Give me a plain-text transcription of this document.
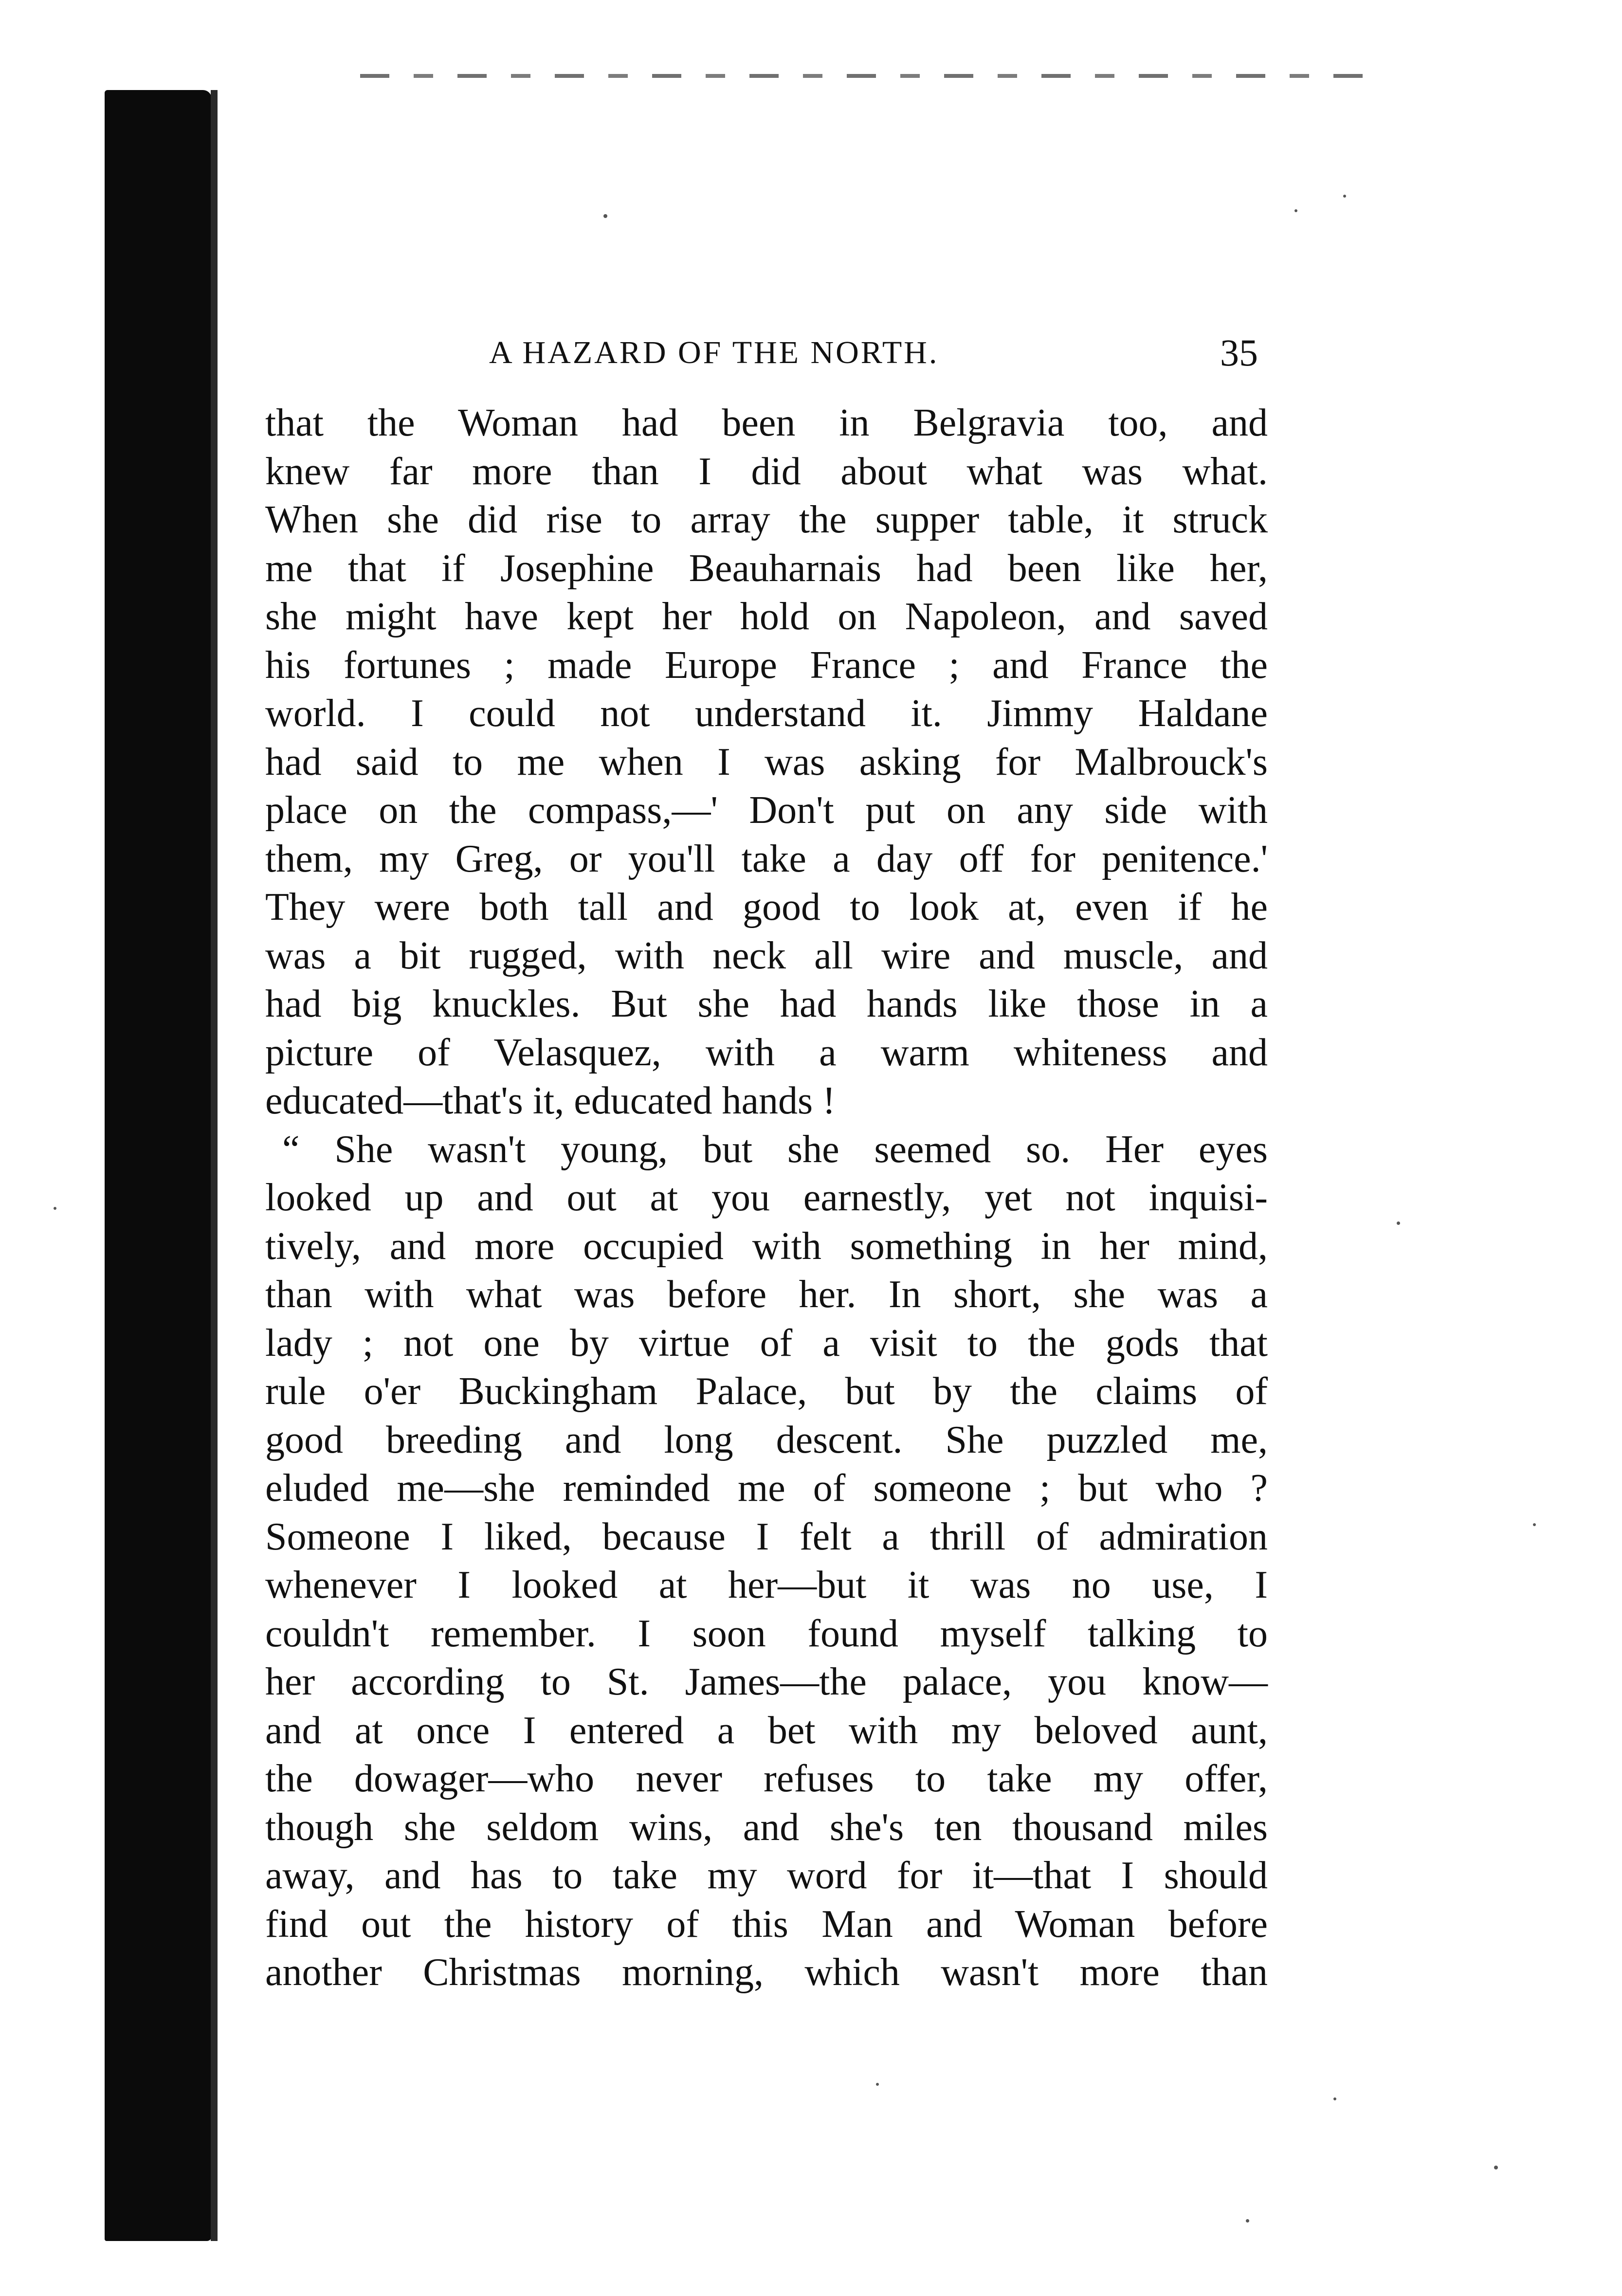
A HAZARD OF THE NORTH.	35
that the Woman had been in Belgravia too, and
knew far more than I did about what was what.
When she did rise to array the supper table, it struck
me that if Josephine Beauharnais had been like her,
she might have kept her hold on Napoleon, and saved
his fortunes ; made Europe France ; and France the
world. I could not understand it. Jimmy Haldane
had said to me when I was asking for Malbrouck's
place on the compass,—' Don't put on any side with
them, my Greg, or you'll take a day off for penitence.'
They were both tall and good to look at, even if he
was a bit rugged, with neck all wire and muscle, and
had big knuckles. But she had hands like those in a
picture of Velasquez, with a warm whiteness and
educated—that's it, educated hands !
“ She wasn't young, but she seemed so. Her eyes
looked up and out at you earnestly, yet not inquisi-
tively, and more occupied with something in her mind,
than with what was before her. In short, she was a
lady ; not one by virtue of a visit to the gods that
rule o'er Buckingham Palace, but by the claims of
good breeding and long descent. She puzzled me,
eluded me—she reminded me of someone ; but who ?
Someone I liked, because I felt a thrill of admiration
whenever I looked at her—but it was no use, I
couldn't remember. I soon found myself talking to
her according to St. James—the palace, you know—
and at once I entered a bet with my beloved aunt,
the dowager—who never refuses to take my offer,
though she seldom wins, and she's ten thousand miles
away, and has to take my word for it—that I should
find out the history of this Man and Woman before
another Christmas morning, which wasn't more than
